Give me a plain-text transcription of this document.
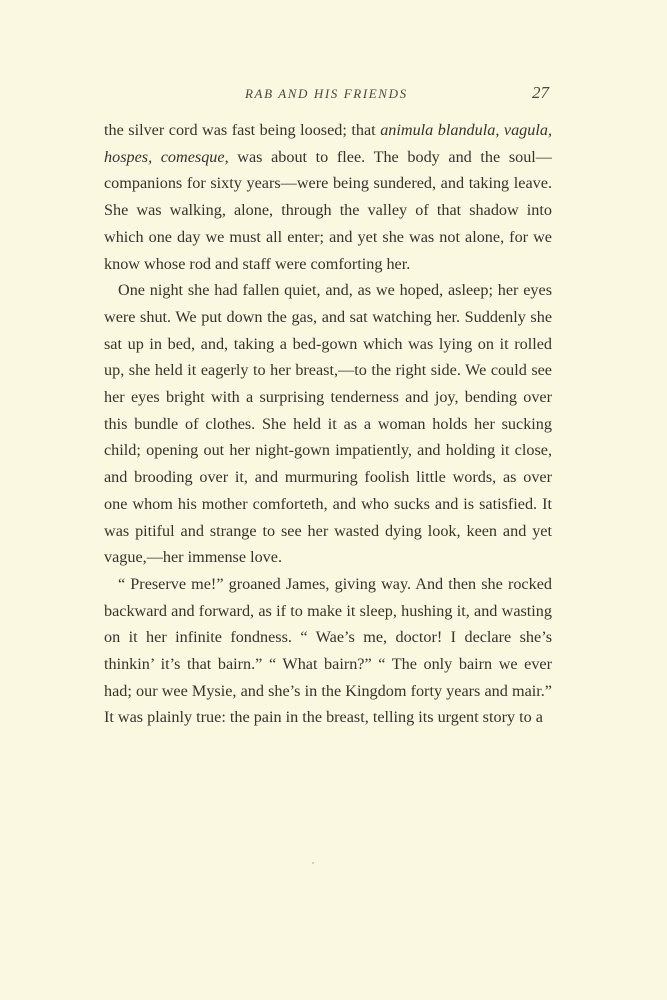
RAB AND HIS FRIENDS	27

the silver cord was fast being loosed; that animula blandula, vagula, hospes, comesque, was about to flee. The body and the soul—companions for sixty years—were being sundered, and taking leave. She was walking, alone, through the valley of that shadow into which one day we must all enter; and yet she was not alone, for we know whose rod and staff were comforting her.

One night she had fallen quiet, and, as we hoped, asleep; her eyes were shut. We put down the gas, and sat watching her. Suddenly she sat up in bed, and, taking a bed-gown which was lying on it rolled up, she held it eagerly to her breast,—to the right side. We could see her eyes bright with a surprising tenderness and joy, bending over this bundle of clothes. She held it as a woman holds her sucking child; opening out her night-gown impatiently, and holding it close, and brooding over it, and murmuring foolish little words, as over one whom his mother comforteth, and who sucks and is satisfied. It was pitiful and strange to see her wasted dying look, keen and yet vague,—her immense love.

“ Preserve me!” groaned James, giving way. And then she rocked backward and forward, as if to make it sleep, hushing it, and wasting on it her infinite fondness. “ Wae’s me, doctor! I declare she’s thinkin’ it’s that bairn.” “ What bairn?” “ The only bairn we ever had; our wee Mysie, and she’s in the Kingdom forty years and mair.” It was plainly true: the pain in the breast, telling its urgent story to a
